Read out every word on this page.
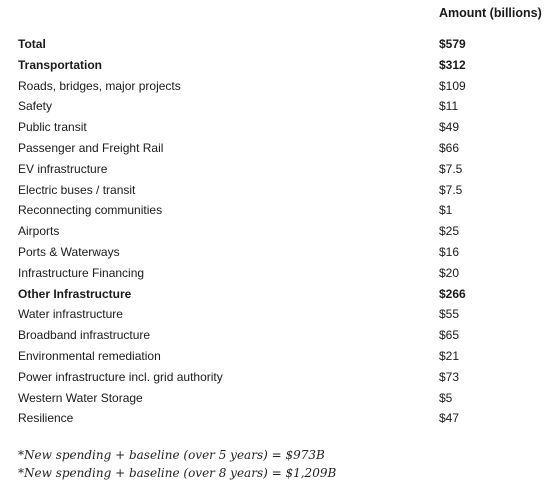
Amount (billions)
Total	$579
Transportation	$312
Roads, bridges, major projects	$109
Safety	$11
Public transit	$49
Passenger and Freight Rail	$66
EV infrastructure	$7.5
Electric buses / transit	$7.5
Reconnecting communities	$1
Airports	$25
Ports & Waterways	$16
Infrastructure Financing	$20
Other Infrastructure	$266
Water infrastructure	$55
Broadband infrastructure	$65
Environmental remediation	$21
Power infrastructure incl. grid authority	$73
Western Water Storage	$5
Resilience	$47
*New spending + baseline (over 5 years) = $973B
*New spending + baseline (over 8 years) = $1,209B
